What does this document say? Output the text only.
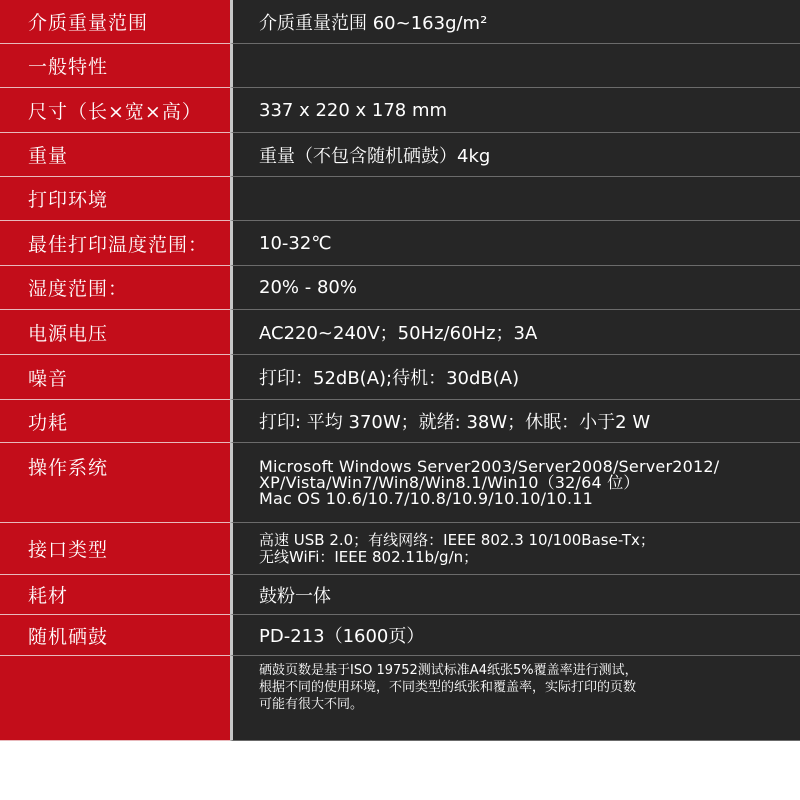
介质重量范围	介质重量范围 60~163g/m²
一般特性
尺寸（长×宽×高）	337 x 220 x 178 mm
重量	重量（不包含随机硒鼓）4kg
打印环境
最佳打印温度范围：	10-32℃
湿度范围：	20% - 80%
电源电压	AC220~240V；50Hz/60Hz；3A
噪音	打印：52dB(A);待机：30dB(A)
功耗	打印: 平均 370W；就绪: 38W；休眠：小于2 W
操作系统	Microsoft Windows Server2003/Server2008/Server2012/
XP/Vista/Win7/Win8/Win8.1/Win10（32/64 位）
Mac OS 10.6/10.7/10.8/10.9/10.10/10.11
接口类型	高速 USB 2.0；有线网络：IEEE 802.3 10/100Base-Tx；
无线WiFi：IEEE 802.11b/g/n；
耗材	鼓粉一体
随机硒鼓	PD-213（1600页）
硒鼓页数是基于ISO 19752测试标准A4纸张5%覆盖率进行测试，
根据不同的使用环境，不同类型的纸张和覆盖率，实际打印的页数
可能有很大不同。
